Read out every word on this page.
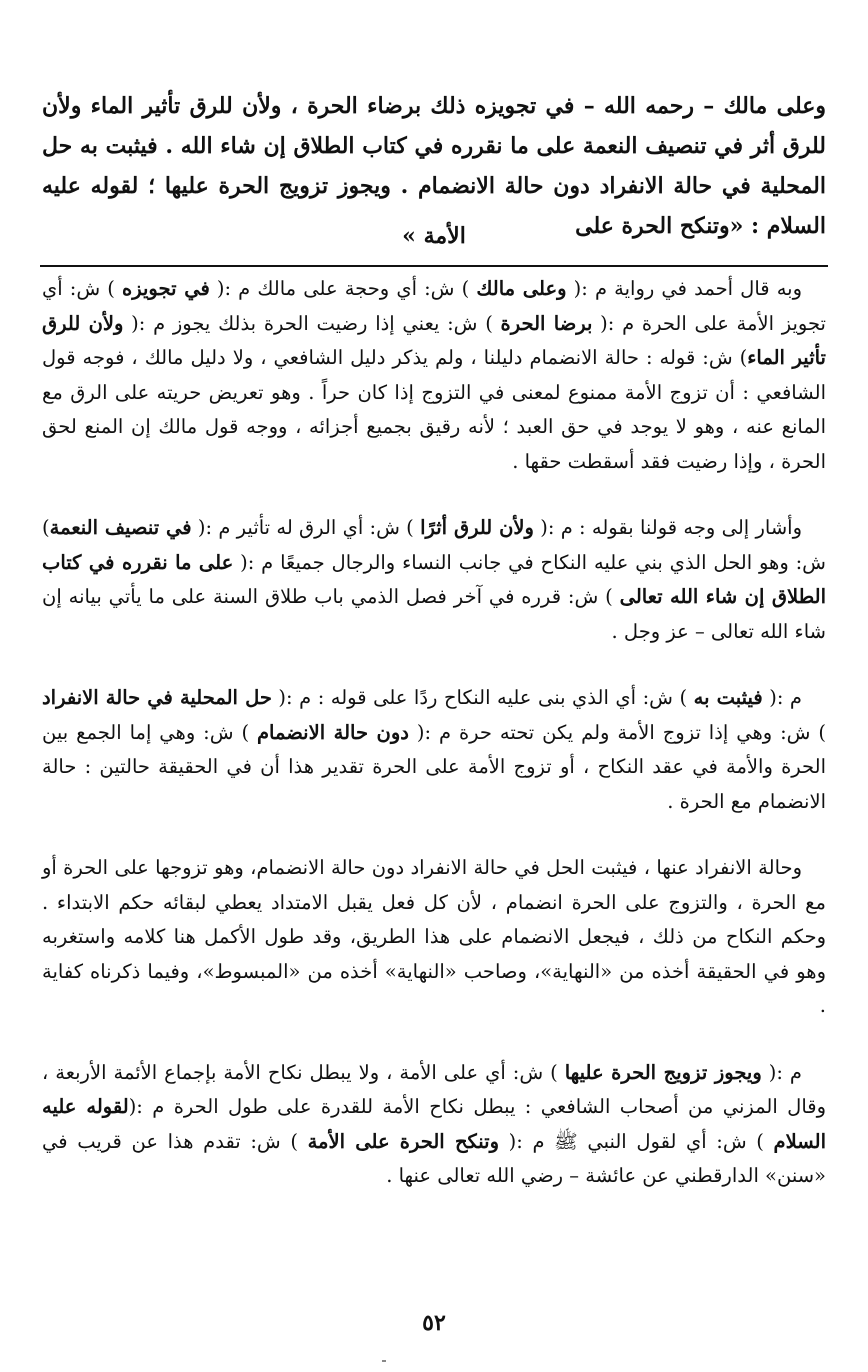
وعلى مالك – رحمه الله – في تجويزه ذلك برضاء الحرة ، ولأن للرق تأثير الماء ولأن للرق أثر في تنصيف النعمة على ما نقرره في كتاب الطلاق إن شاء الله . فيثبت به حل المحلية في حالة الانفراد دون حالة الانضمام . ويجوز تزويج الحرة عليها ؛ لقوله عليه السلام : «وتنكح الحرة على
الأمة »

وبه قال أحمد في رواية م :( وعلى مالك ) ش: أي وحجة على مالك م :( في تجويزه ) ش: أي تجويز الأمة على الحرة م :( برضا الحرة ) ش: يعني إذا رضيت الحرة بذلك يجوز م :( ولأن للرق تأثير الماء) ش: قوله : حالة الانضمام دليلنا ، ولم يذكر دليل الشافعي ، ولا دليل مالك ، فوجه قول الشافعي : أن تزوج الأمة ممنوع لمعنى في التزوج إذا كان حراً . وهو تعريض حريته على الرق مع المانع عنه ، وهو لا يوجد في حق العبد ؛ لأنه رقيق بجميع أجزائه ، ووجه قول مالك إن المنع لحق الحرة ، وإذا رضيت فقد أسقطت حقها .

وأشار إلى وجه قولنا بقوله : م :( ولأن للرق أثرًا ) ش: أي الرق له تأثير م :( في تنصيف النعمة) ش: وهو الحل الذي بني عليه النكاح في جانب النساء والرجال جميعًا م :( على ما نقرره في كتاب الطلاق إن شاء الله تعالى ) ش: قرره في آخر فصل الذمي باب طلاق السنة على ما يأتي بيانه إن شاء الله تعالى – عز وجل .

م :( فيثبت به ) ش: أي الذي بنى عليه النكاح ردًا على قوله : م :( حل المحلية في حالة الانفراد ) ش: وهي إذا تزوج الأمة ولم يكن تحته حرة م :( دون حالة الانضمام ) ش: وهي إما الجمع بين الحرة والأمة في عقد النكاح ، أو تزوج الأمة على الحرة تقدير هذا أن في الحقيقة حالتين : حالة الانضمام مع الحرة .

وحالة الانفراد عنها ، فيثبت الحل في حالة الانفراد دون حالة الانضمام، وهو تزوجها على الحرة أو مع الحرة ، والتزوج على الحرة انضمام ، لأن كل فعل يقبل الامتداد يعطي لبقائه حكم الابتداء . وحكم النكاح من ذلك ، فيجعل الانضمام على هذا الطريق، وقد طول الأكمل هنا كلامه واستغربه وهو في الحقيقة أخذه من «النهاية»، وصاحب «النهاية» أخذه من «المبسوط»، وفيما ذكرناه كفاية .

م :( ويجوز تزويج الحرة عليها ) ش: أي على الأمة ، ولا يبطل نكاح الأمة بإجماع الأئمة الأربعة ، وقال المزني من أصحاب الشافعي : يبطل نكاح الأمة للقدرة على طول الحرة م :(لقوله عليه السلام ) ش: أي لقول النبي ﷺ م :( وتنكح الحرة على الأمة ) ش: تقدم هذا عن قريب في «سنن» الدارقطني عن عائشة – رضي الله تعالى عنها .

٥٢
